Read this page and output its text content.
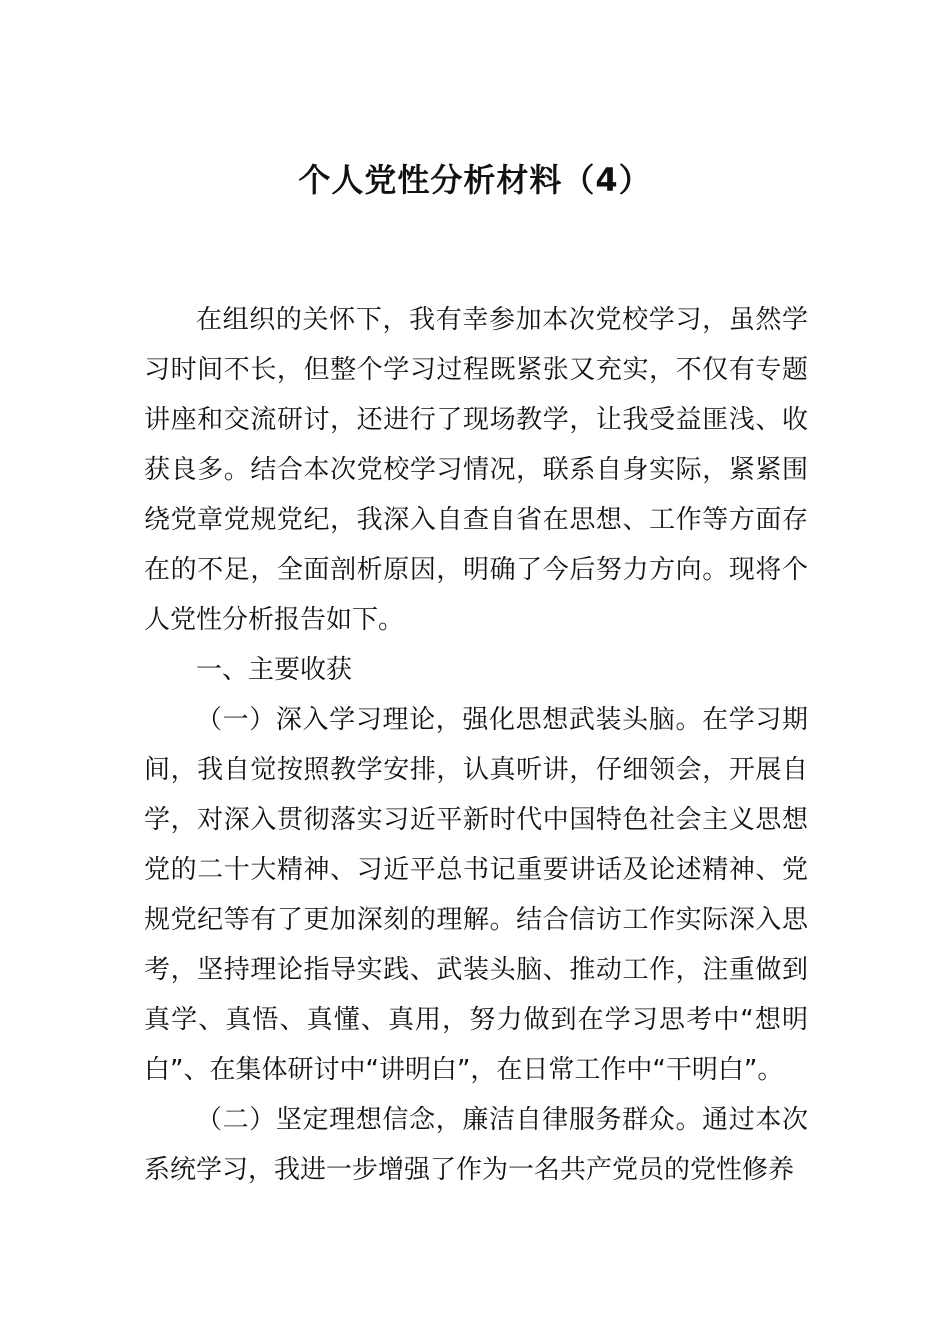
个人党性分析材料（4）

在组织的关怀下，我有幸参加本次党校学习，虽然学习时间不长，但整个学习过程既紧张又充实，不仅有专题讲座和交流研讨，还进行了现场教学，让我受益匪浅、收获良多。结合本次党校学习情况，联系自身实际，紧紧围绕党章党规党纪，我深入自查自省在思想、工作等方面存在的不足，全面剖析原因，明确了今后努力方向。现将个人党性分析报告如下。

一、主要收获

（一）深入学习理论，强化思想武装头脑。在学习期间，我自觉按照教学安排，认真听讲，仔细领会，开展自学，对深入贯彻落实习近平新时代中国特色社会主义思想党的二十大精神、习近平总书记重要讲话及论述精神、党规党纪等有了更加深刻的理解。结合信访工作实际深入思考，坚持理论指导实践、武装头脑、推动工作，注重做到真学、真悟、真懂、真用，努力做到在学习思考中“想明白”、在集体研讨中“讲明白”，在日常工作中“干明白”。

（二）坚定理想信念，廉洁自律服务群众。通过本次系统学习，我进一步增强了作为一名共产党员的党性修养
